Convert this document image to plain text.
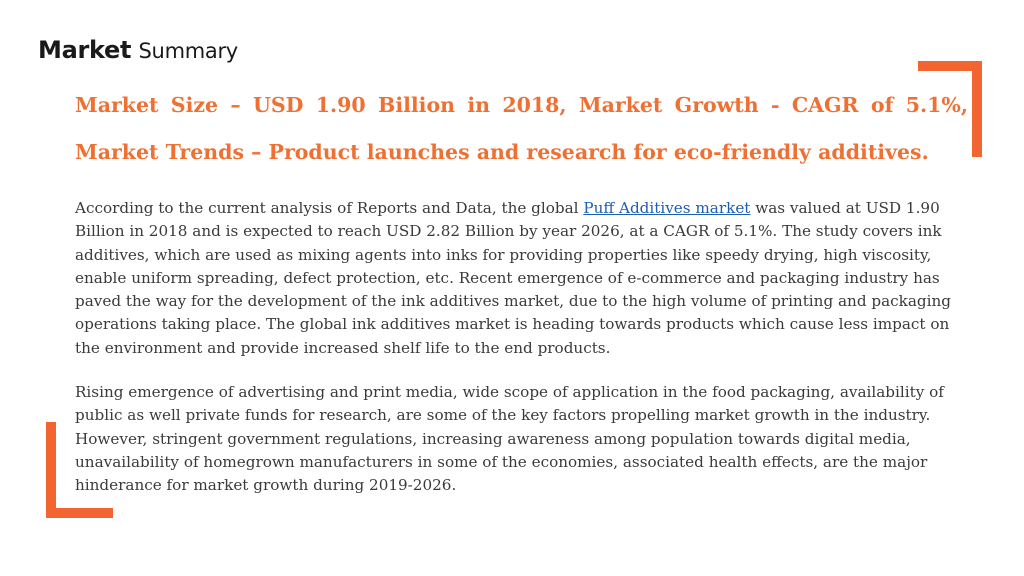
Market Summary

Market Size – USD 1.90 Billion in 2018, Market Growth - CAGR of 5.1%,

Market Trends – Product launches and research for eco-friendly additives.

According to the current analysis of Reports and Data, the global Puff Additives market was valued at USD 1.90 Billion in 2018 and is expected to reach USD 2.82 Billion by year 2026, at a CAGR of 5.1%. The study covers ink additives, which are used as mixing agents into inks for providing properties like speedy drying, high viscosity, enable uniform spreading, defect protection, etc. Recent emergence of e-commerce and packaging industry has paved the way for the development of the ink additives market, due to the high volume of printing and packaging operations taking place. The global ink additives market is heading towards products which cause less impact on the environment and provide increased shelf life to the end products.

Rising emergence of advertising and print media, wide scope of application in the food packaging, availability of public as well private funds for research, are some of the key factors propelling market growth in the industry. However, stringent government regulations, increasing awareness among population towards digital media, unavailability of homegrown manufacturers in some of the economies, associated health effects, are the major hinderance for market growth during 2019-2026.
